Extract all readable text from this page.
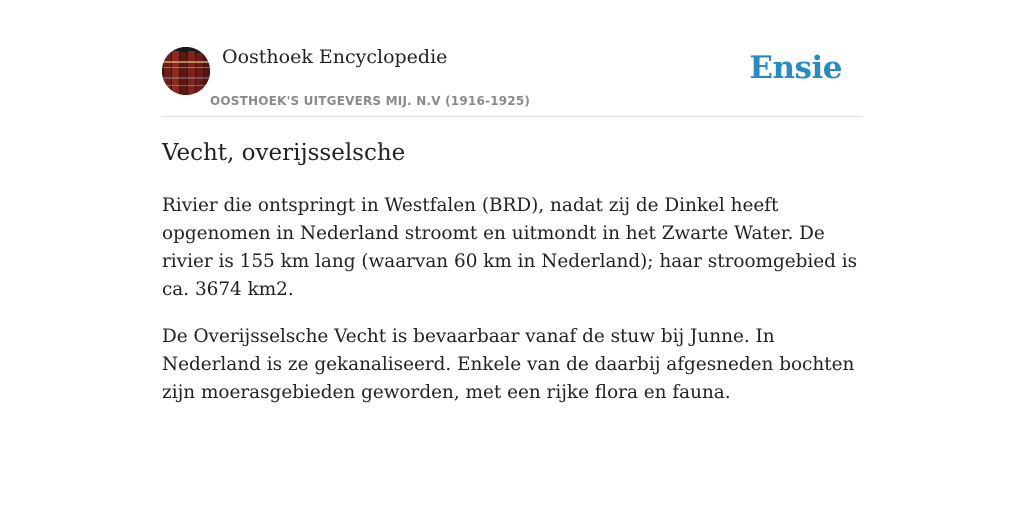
Oosthoek Encyclopedie
OOSTHOEK'S UITGEVERS MIJ. N.V (1916-1925)
Ensie
Vecht, overijsselsche

Rivier die ontspringt in Westfalen (BRD), nadat zij de Dinkel heeft opgenomen in Nederland stroomt en uitmondt in het Zwarte Water. De rivier is 155 km lang (waarvan 60 km in Nederland); haar stroomgebied is ca. 3674 km2.

De Overijsselsche Vecht is bevaarbaar vanaf de stuw bij Junne. In Nederland is ze gekanaliseerd. Enkele van de daarbij afgesneden bochten zijn moerasgebieden geworden, met een rijke flora en fauna.
